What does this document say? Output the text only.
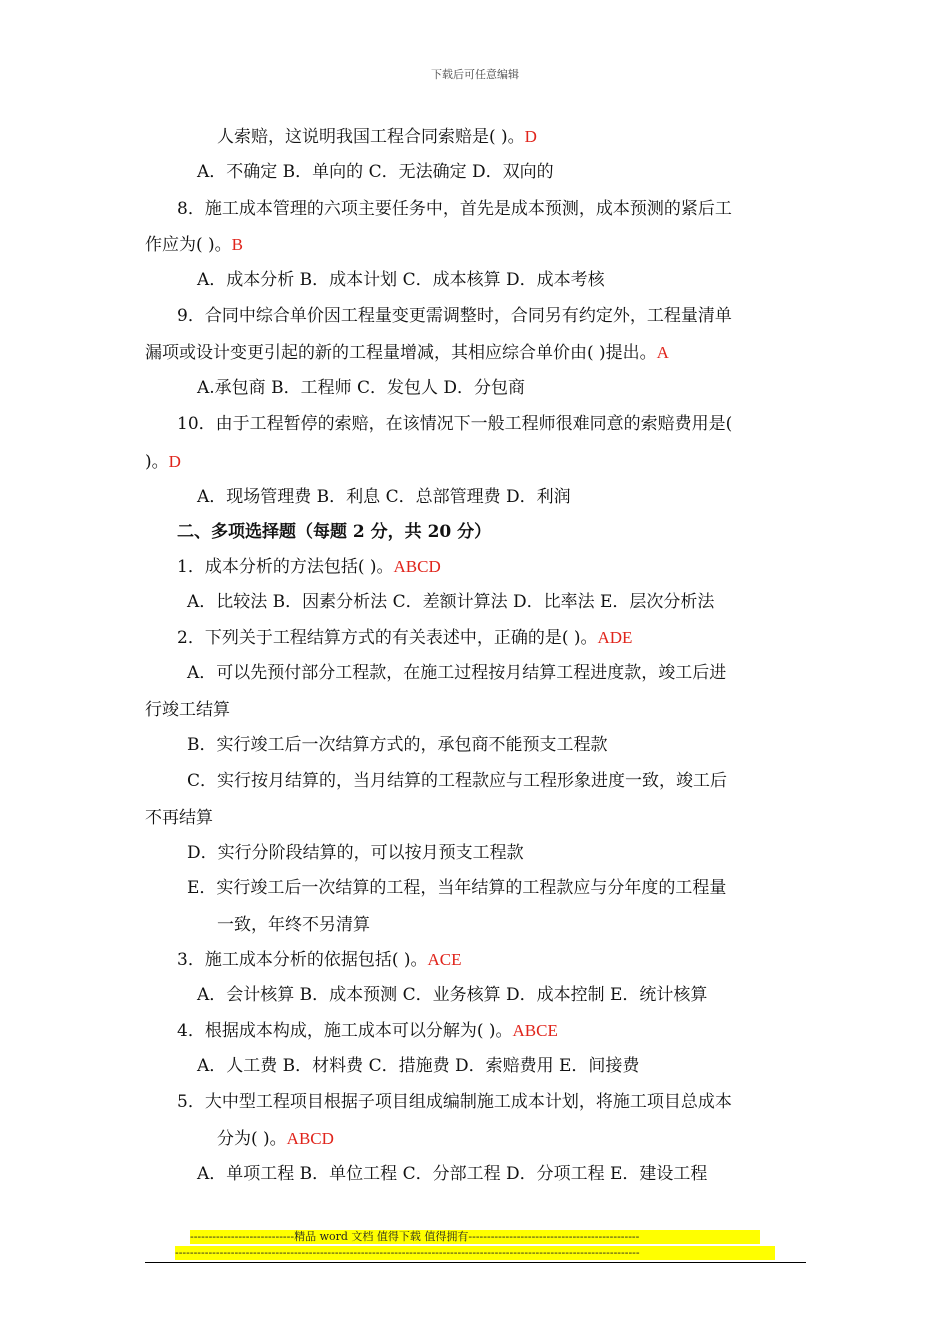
下载后可任意编辑
人索赔，这说明我国工程合同索赔是( )。D
A．不确定 B．单向的 C．无法确定 D．双向的
8．施工成本管理的六项主要任务中，首先是成本预测，成本预测的紧后工
作应为( )。B
A．成本分析 B．成本计划 C．成本核算 D．成本考核
9．合同中综合单价因工程量变更需调整时，合同另有约定外，工程量清单
漏项或设计变更引起的新的工程量增减，其相应综合单价由( )提出。A
A.承包商 B．工程师 C．发包人 D．分包商
10．由于工程暂停的索赔，在该情况下一般工程师很难同意的索赔费用是(
)。D
A．现场管理费 B．利息 C．总部管理费 D．利润
二、多项选择题（每题 2 分，共 20 分）
1．成本分析的方法包括( )。ABCD
A．比较法 B．因素分析法 C．差额计算法 D．比率法 E．层次分析法
2．下列关于工程结算方式的有关表述中，正确的是( )。ADE
A．可以先预付部分工程款，在施工过程按月结算工程进度款，竣工后进
行竣工结算
B．实行竣工后一次结算方式的，承包商不能预支工程款
C．实行按月结算的，当月结算的工程款应与工程形象进度一致，竣工后
不再结算
D．实行分阶段结算的，可以按月预支工程款
E．实行竣工后一次结算的工程，当年结算的工程款应与分年度的工程量
一致，年终不另清算
3．施工成本分析的依据包括( )。ACE
A．会计核算 B．成本预测 C．业务核算 D．成本控制 E．统计核算
4．根据成本构成，施工成本可以分解为( )。ABCE
A．人工费 B．材料费 C．措施费 D．索赔费用 E．间接费
5．大中型工程项目根据子项目组成编制施工成本计划，将施工项目总成本
分为( )。ABCD
A．单项工程 B．单位工程 C．分部工程 D．分项工程 E．建设工程
----------------------------精品 word 文档 值得下载 值得拥有----------------------------------------------
-----------------------------------------------------------------------------------------------------------------------------
